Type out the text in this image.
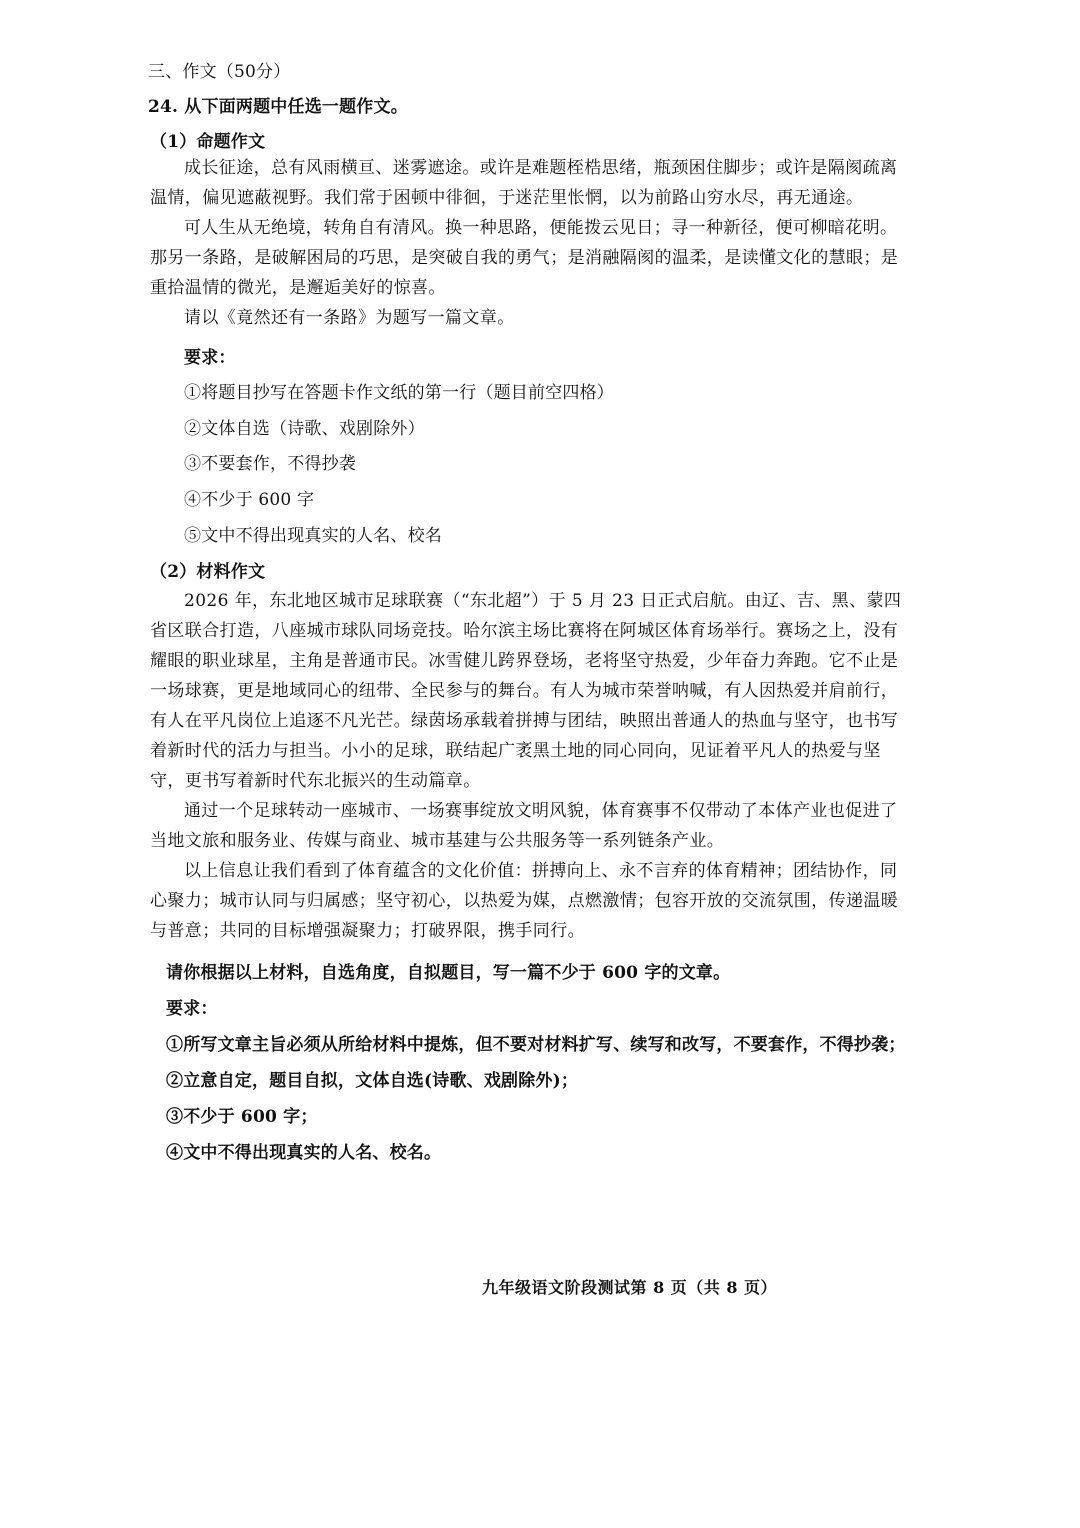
三、作文（50分）
24. 从下面两题中任选一题作文。
（1）命题作文

成长征途，总有风雨横亘、迷雾遮途。或许是难题桎梏思绪，瓶颈困住脚步；或许是隔阂疏离温情，偏见遮蔽视野。我们常于困顿中徘徊，于迷茫里怅惘，以为前路山穷水尽，再无通途。

可人生从无绝境，转角自有清风。换一种思路，便能拨云见日；寻一种新径，便可柳暗花明。那另一条路，是破解困局的巧思，是突破自我的勇气；是消融隔阂的温柔，是读懂文化的慧眼；是重拾温情的微光，是邂逅美好的惊喜。

请以《竟然还有一条路》为题写一篇文章。

要求：
①将题目抄写在答题卡作文纸的第一行（题目前空四格）
②文体自选（诗歌、戏剧除外）
③不要套作，不得抄袭
④不少于 600 字
⑤文中不得出现真实的人名、校名
（2）材料作文

2026 年，东北地区城市足球联赛（“东北超”）于 5 月 23 日正式启航。由辽、吉、黑、蒙四省区联合打造，八座城市球队同场竞技。哈尔滨主场比赛将在阿城区体育场举行。赛场之上，没有耀眼的职业球星，主角是普通市民。冰雪健儿跨界登场，老将坚守热爱，少年奋力奔跑。它不止是一场球赛，更是地域同心的纽带、全民参与的舞台。有人为城市荣誉呐喊，有人因热爱并肩前行，有人在平凡岗位上追逐不凡光芒。绿茵场承载着拼搏与团结，映照出普通人的热血与坚守，也书写着新时代的活力与担当。小小的足球，联结起广袤黑土地的同心同向，见证着平凡人的热爱与坚守，更书写着新时代东北振兴的生动篇章。

通过一个足球转动一座城市、一场赛事绽放文明风貌，体育赛事不仅带动了本体产业也促进了当地文旅和服务业、传媒与商业、城市基建与公共服务等一系列链条产业。

以上信息让我们看到了体育蕴含的文化价值：拼搏向上、永不言弃的体育精神；团结协作，同心聚力；城市认同与归属感；坚守初心，以热爱为媒，点燃激情；包容开放的交流氛围，传递温暖与普意；共同的目标增强凝聚力；打破界限，携手同行。

请你根据以上材料，自选角度，自拟题目，写一篇不少于 600 字的文章。
要求：
①所写文章主旨必须从所给材料中提炼，但不要对材料扩写、续写和改写，不要套作，不得抄袭；
②立意自定，题目自拟，文体自选(诗歌、戏剧除外)；
③不少于 600 字；
④文中不得出现真实的人名、校名。
九年级语文阶段测试第 8 页（共 8 页）
